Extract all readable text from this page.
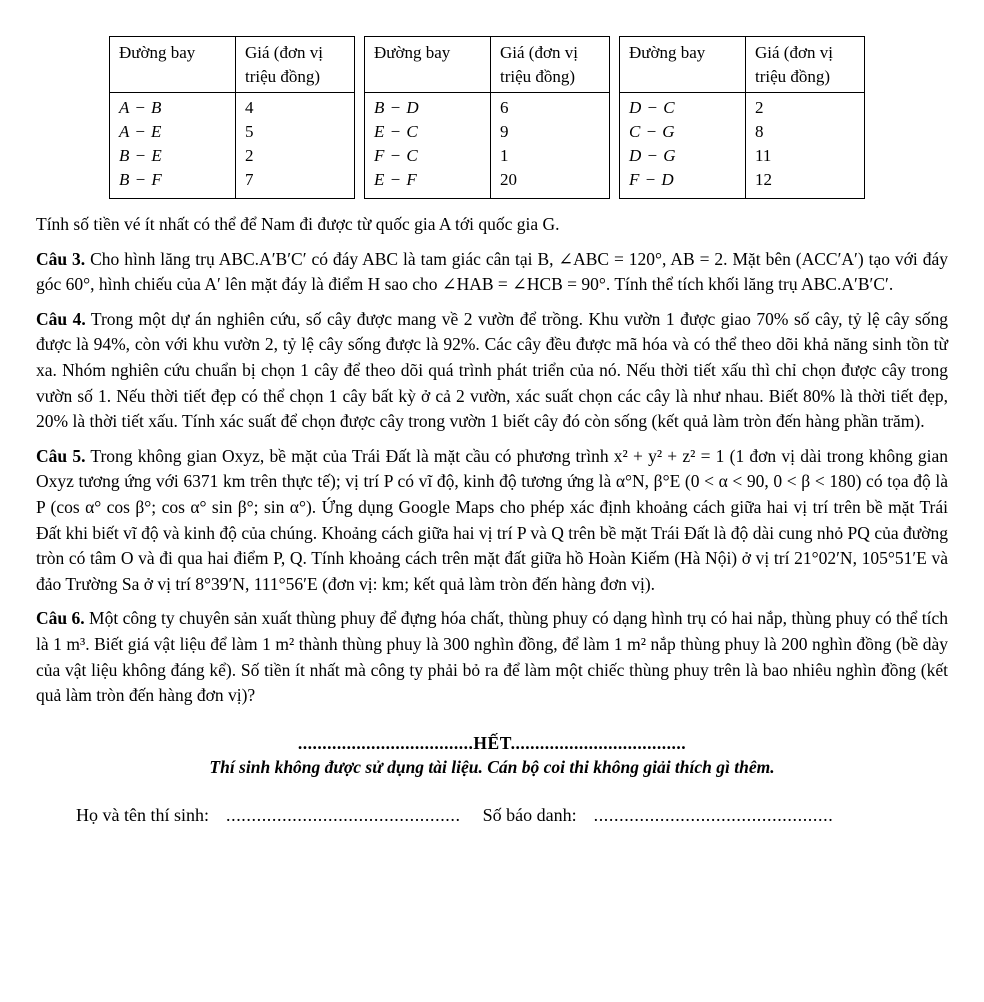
Đường bay	Giá (đơn vị triệu đồng)
A − B	4
A − E	5
B − E	2
B − F	7
Đường bay	Giá (đơn vị triệu đồng)
B − D	6
E − C	9
F − C	1
E − F	20
Đường bay	Giá (đơn vị triệu đồng)
D − C	2
C − G	8
D − G	11
F − D	12

Tính số tiền vé ít nhất có thể để Nam đi được từ quốc gia A tới quốc gia G.

Câu 3. Cho hình lăng trụ ABC.A′B′C′ có đáy ABC là tam giác cân tại B, ∠ABC = 120°, AB = 2. Mặt bên (ACC′A′) tạo với đáy góc 60°, hình chiếu của A′ lên mặt đáy là điểm H sao cho ∠HAB = ∠HCB = 90°. Tính thể tích khối lăng trụ ABC.A′B′C′.

Câu 4. Trong một dự án nghiên cứu, số cây được mang về 2 vườn để trồng. Khu vườn 1 được giao 70% số cây, tỷ lệ cây sống được là 94%, còn với khu vườn 2, tỷ lệ cây sống được là 92%. Các cây đều được mã hóa và có thể theo dõi khả năng sinh tồn từ xa. Nhóm nghiên cứu chuẩn bị chọn 1 cây để theo dõi quá trình phát triển của nó. Nếu thời tiết xấu thì chỉ chọn được cây trong vườn số 1. Nếu thời tiết đẹp có thể chọn 1 cây bất kỳ ở cả 2 vườn, xác suất chọn các cây là như nhau. Biết 80% là thời tiết đẹp, 20% là thời tiết xấu. Tính xác suất để chọn được cây trong vườn 1 biết cây đó còn sống (kết quả làm tròn đến hàng phần trăm).

Câu 5. Trong không gian Oxyz, bề mặt của Trái Đất là mặt cầu có phương trình x² + y² + z² = 1 (1 đơn vị dài trong không gian Oxyz tương ứng với 6371 km trên thực tế); vị trí P có vĩ độ, kinh độ tương ứng là α°N, β°E (0 < α < 90, 0 < β < 180) có tọa độ là P (cos α° cos β°; cos α° sin β°; sin α°). Ứng dụng Google Maps cho phép xác định khoảng cách giữa hai vị trí trên bề mặt Trái Đất khi biết vĩ độ và kinh độ của chúng. Khoảng cách giữa hai vị trí P và Q trên bề mặt Trái Đất là độ dài cung nhỏ PQ của đường tròn có tâm O và đi qua hai điểm P, Q. Tính khoảng cách trên mặt đất giữa hồ Hoàn Kiếm (Hà Nội) ở vị trí 21°02′N, 105°51′E và đảo Trường Sa ở vị trí 8°39′N, 111°56′E (đơn vị: km; kết quả làm tròn đến hàng đơn vị).

Câu 6. Một công ty chuyên sản xuất thùng phuy để đựng hóa chất, thùng phuy có dạng hình trụ có hai nắp, thùng phuy có thể tích là 1 m³. Biết giá vật liệu để làm 1 m² thành thùng phuy là 300 nghìn đồng, để làm 1 m² nắp thùng phuy là 200 nghìn đồng (bề dày của vật liệu không đáng kể). Số tiền ít nhất mà công ty phải bỏ ra để làm một chiếc thùng phuy trên là bao nhiêu nghìn đồng (kết quả làm tròn đến hàng đơn vị)?

....................................HẾT....................................
Thí sinh không được sử dụng tài liệu. Cán bộ coi thi không giải thích gì thêm.
Họ và tên thí sinh: .............................................. Số báo danh: ...............................................
